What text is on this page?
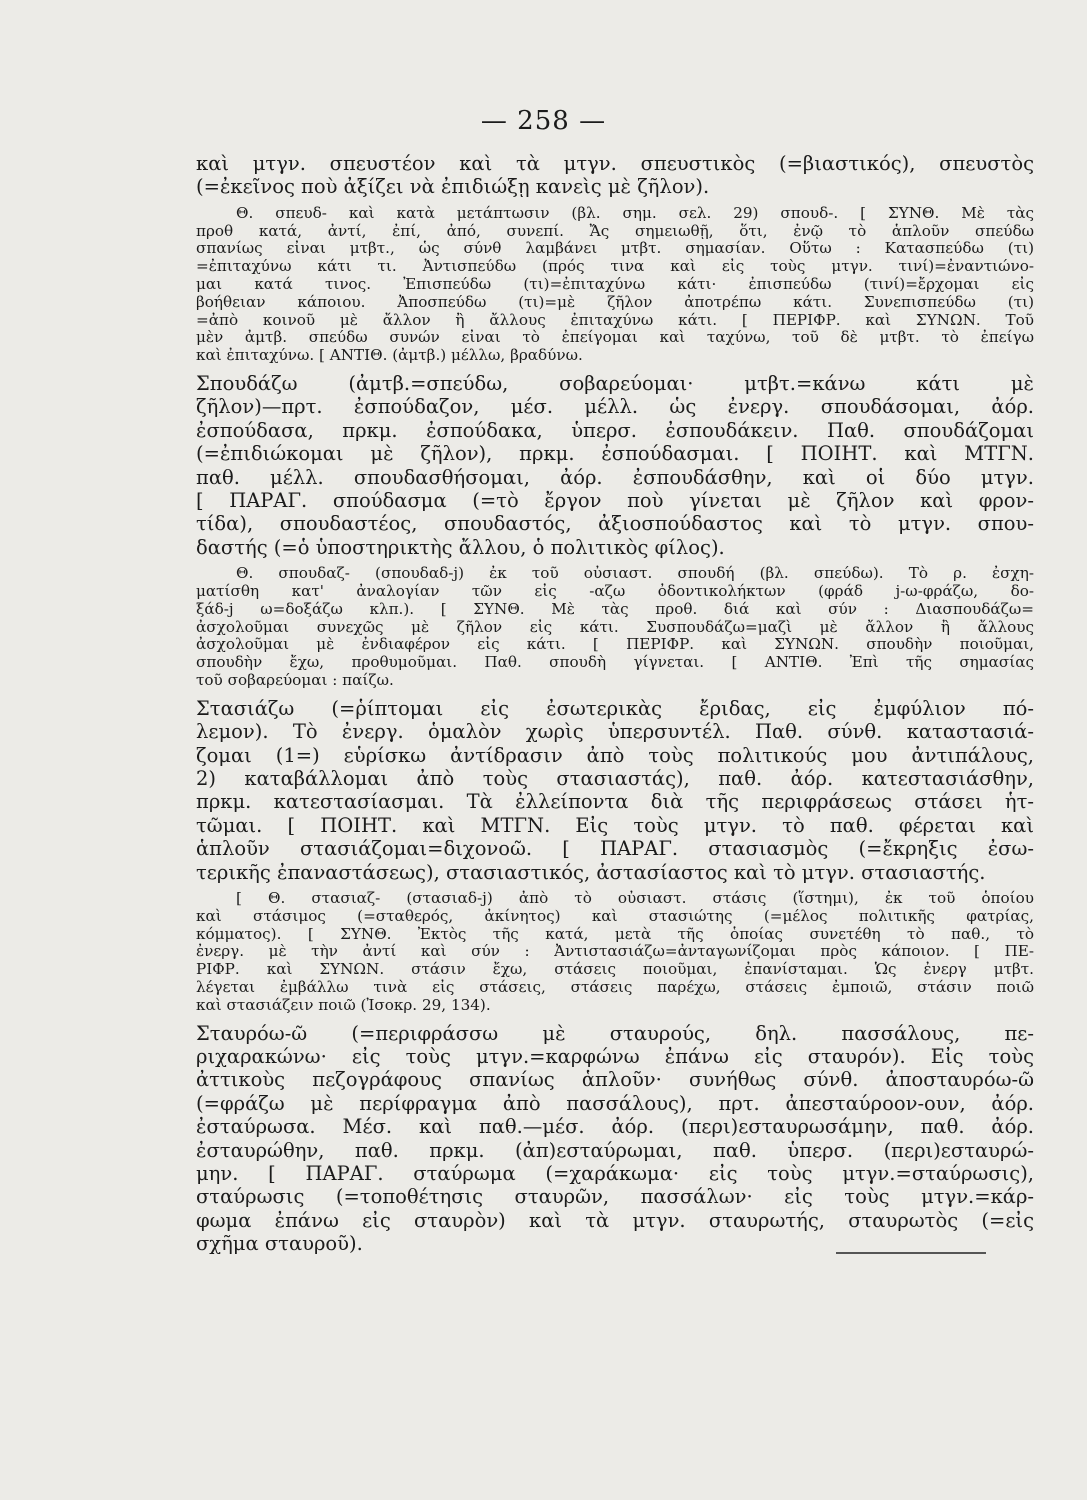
— 258 —
καὶ μτγν. σπευστέον καὶ τὰ μτγν. σπευστικὸς (=βιαστικός), σπευστὸς
(=ἐκεῖνος ποὺ ἀξίζει νὰ ἐπιδιώξῃ κανεὶς μὲ ζῆλον).
Θ. σπευδ- καὶ κατὰ μετάπτωσιν (βλ. σημ. σελ. 29) σπουδ-. [ ΣΥΝΘ. Μὲ τὰς
προθ κατά, ἀντί, ἐπί, ἀπό, συνεπί. Ἄς σημειωθῇ, ὅτι, ἐνῷ τὸ ἁπλοῦν σπεύδω
σπανίως εἶναι μτβτ., ὡς σύνθ λαμβάνει μτβτ. σημασίαν. Οὕτω : Κατασπεύδω (τι)
=ἐπιταχύνω κάτι τι. Ἀντισπεύδω (πρός τινα καὶ εἰς τοὺς μτγν. τινί)=ἐναντιώνο-
μαι κατά τινος. Ἐπισπεύδω (τι)=ἐπιταχύνω κάτι· ἐπισπεύδω (τινί)=ἔρχομαι εἰς
βοήθειαν κάποιου. Ἀποσπεύδω (τι)=μὲ ζῆλον ἀποτρέπω κάτι. Συνεπισπεύδω (τι)
=ἀπὸ κοινοῦ μὲ ἄλλον ἢ ἄλλους ἐπιταχύνω κάτι. [ ΠΕΡΙΦΡ. καὶ ΣΥΝΩΝ. Τοῦ
μὲν ἀμτβ. σπεύδω συνών εἶναι τὸ ἐπείγομαι καὶ ταχύνω, τοῦ δὲ μτβτ. τὸ ἐπείγω
καὶ ἐπιταχύνω. [ ΑΝΤΙΘ. (ἀμτβ.) μέλλω, βραδύνω.
Σπουδάζω (ἀμτβ.=σπεύδω, σοβαρεύομαι· μτβτ.=κάνω κάτι μὲ
ζῆλον)—πρτ. ἐσπούδαζον, μέσ. μέλλ. ὡς ἐνεργ. σπουδάσομαι, ἀόρ.
ἐσπούδασα, πρκμ. ἐσπούδακα, ὑπερσ. ἐσπουδάκειν. Παθ. σπουδάζομαι
(=ἐπιδιώκομαι μὲ ζῆλον), πρκμ. ἐσπούδασμαι. [ ΠΟΙΗΤ. καὶ ΜΤΓΝ.
παθ. μέλλ. σπουδασθήσομαι, ἀόρ. ἐσπουδάσθην, καὶ οἱ δύο μτγν.
[ ΠΑΡΑΓ. σπούδασμα (=τὸ ἔργον ποὺ γίνεται μὲ ζῆλον καὶ φρον-
τίδα), σπουδαστέος, σπουδαστός, ἀξιοσπούδαστος καὶ τὸ μτγν. σπου-
δαστής (=ὁ ὑποστηρικτὴς ἄλλου, ὁ πολιτικὸς φίλος).
Θ. σπουδαζ- (σπουδαδ-j) ἐκ τοῦ οὐσιαστ. σπουδή (βλ. σπεύδω). Τὸ ρ. ἐσχη-
ματίσθη κατ' ἀναλογίαν τῶν εἰς -αζω ὀδοντικολήκτων (φράδ j-ω-φράζω, δο-
ξάδ-j ω=δοξάζω κλπ.). [ ΣΥΝΘ. Μὲ τὰς προθ. διά καὶ σύν : Διασπουδάζω=
ἀσχολοῦμαι συνεχῶς μὲ ζῆλον εἰς κάτι. Συσπουδάζω=μαζὶ μὲ ἄλλον ἢ ἄλλους
ἀσχολοῦμαι μὲ ἐνδιαφέρον εἰς κάτι. [ ΠΕΡΙΦΡ. καὶ ΣΥΝΩΝ. σπουδὴν ποιοῦμαι,
σπουδὴν ἔχω, προθυμοῦμαι. Παθ. σπουδὴ γίγνεται. [ ΑΝΤΙΘ. Ἐπὶ τῆς σημασίας
τοῦ σοβαρεύομαι : παίζω.
Στασιάζω (=ῥίπτομαι εἰς ἐσωτερικὰς ἔριδας, εἰς ἐμφύλιον πό-
λεμον). Τὸ ἐνεργ. ὁμαλὸν χωρὶς ὑπερσυντέλ. Παθ. σύνθ. καταστασιά-
ζομαι (1=) εὑρίσκω ἀντίδρασιν ἀπὸ τοὺς πολιτικούς μου ἀντιπάλους,
2) καταβάλλομαι ἀπὸ τοὺς στασιαστάς), παθ. ἀόρ. κατεστασιάσθην,
πρκμ. κατεστασίασμαι. Τὰ ἐλλείποντα διὰ τῆς περιφράσεως στάσει ἡτ-
τῶμαι. [ ΠΟΙΗΤ. καὶ ΜΤΓΝ. Εἰς τοὺς μτγν. τὸ παθ. φέρεται καὶ
ἁπλοῦν στασιάζομαι=διχονοῶ. [ ΠΑΡΑΓ. στασιασμὸς (=ἔκρηξις ἐσω-
τερικῆς ἐπαναστάσεως), στασιαστικός, ἀστασίαστος καὶ τὸ μτγν. στασιαστής.
[ Θ. στασιαζ- (στασιαδ-j) ἀπὸ τὸ οὐσιαστ. στάσις (ἵστημι), ἐκ τοῦ ὁποίου
καὶ στάσιμος (=σταθερός, ἀκίνητος) καὶ στασιώτης (=μέλος πολιτικῆς φατρίας,
κόμματος). [ ΣΥΝΘ. Ἐκτὸς τῆς κατά, μετὰ τῆς ὁποίας συνετέθη τὸ παθ., τὸ
ἐνεργ. μὲ τὴν ἀντί καὶ σύν : Ἀντιστασιάζω=ἀνταγωνίζομαι πρὸς κάποιον. [ ΠΕ-
ΡΙΦΡ. καὶ ΣΥΝΩΝ. στάσιν ἔχω, στάσεις ποιοῦμαι, ἐπανίσταμαι. Ὡς ἐνεργ μτβτ.
λέγεται ἐμβάλλω τινὰ εἰς στάσεις, στάσεις παρέχω, στάσεις ἐμποιῶ, στάσιν ποιῶ
καὶ στασιάζειν ποιῶ (Ἰσοκρ. 29, 134).
Σταυρόω-ῶ (=περιφράσσω μὲ σταυρούς, δηλ. πασσάλους, πε-
ριχαρακώνω· εἰς τοὺς μτγν.=καρφώνω ἐπάνω εἰς σταυρόν). Εἰς τοὺς
ἀττικοὺς πεζογράφους σπανίως ἁπλοῦν· συνήθως σύνθ. ἀποσταυρόω-ῶ
(=φράζω μὲ περίφραγμα ἀπὸ πασσάλους), πρτ. ἀπεσταύροον-ουν, ἀόρ.
ἐσταύρωσα. Μέσ. καὶ παθ.—μέσ. ἀόρ. (περι)εσταυρωσάμην, παθ. ἀόρ.
ἐσταυρώθην, παθ. πρκμ. (ἀπ)εσταύρωμαι, παθ. ὑπερσ. (περι)εσταυρώ-
μην. [ ΠΑΡΑΓ. σταύρωμα (=χαράκωμα· εἰς τοὺς μτγν.=σταύρωσις),
σταύρωσις (=τοποθέτησις σταυρῶν, πασσάλων· εἰς τοὺς μτγν.=κάρ-
φωμα ἐπάνω εἰς σταυρὸν) καὶ τὰ μτγν. σταυρωτής, σταυρωτὸς (=εἰς
σχῆμα σταυροῦ).
